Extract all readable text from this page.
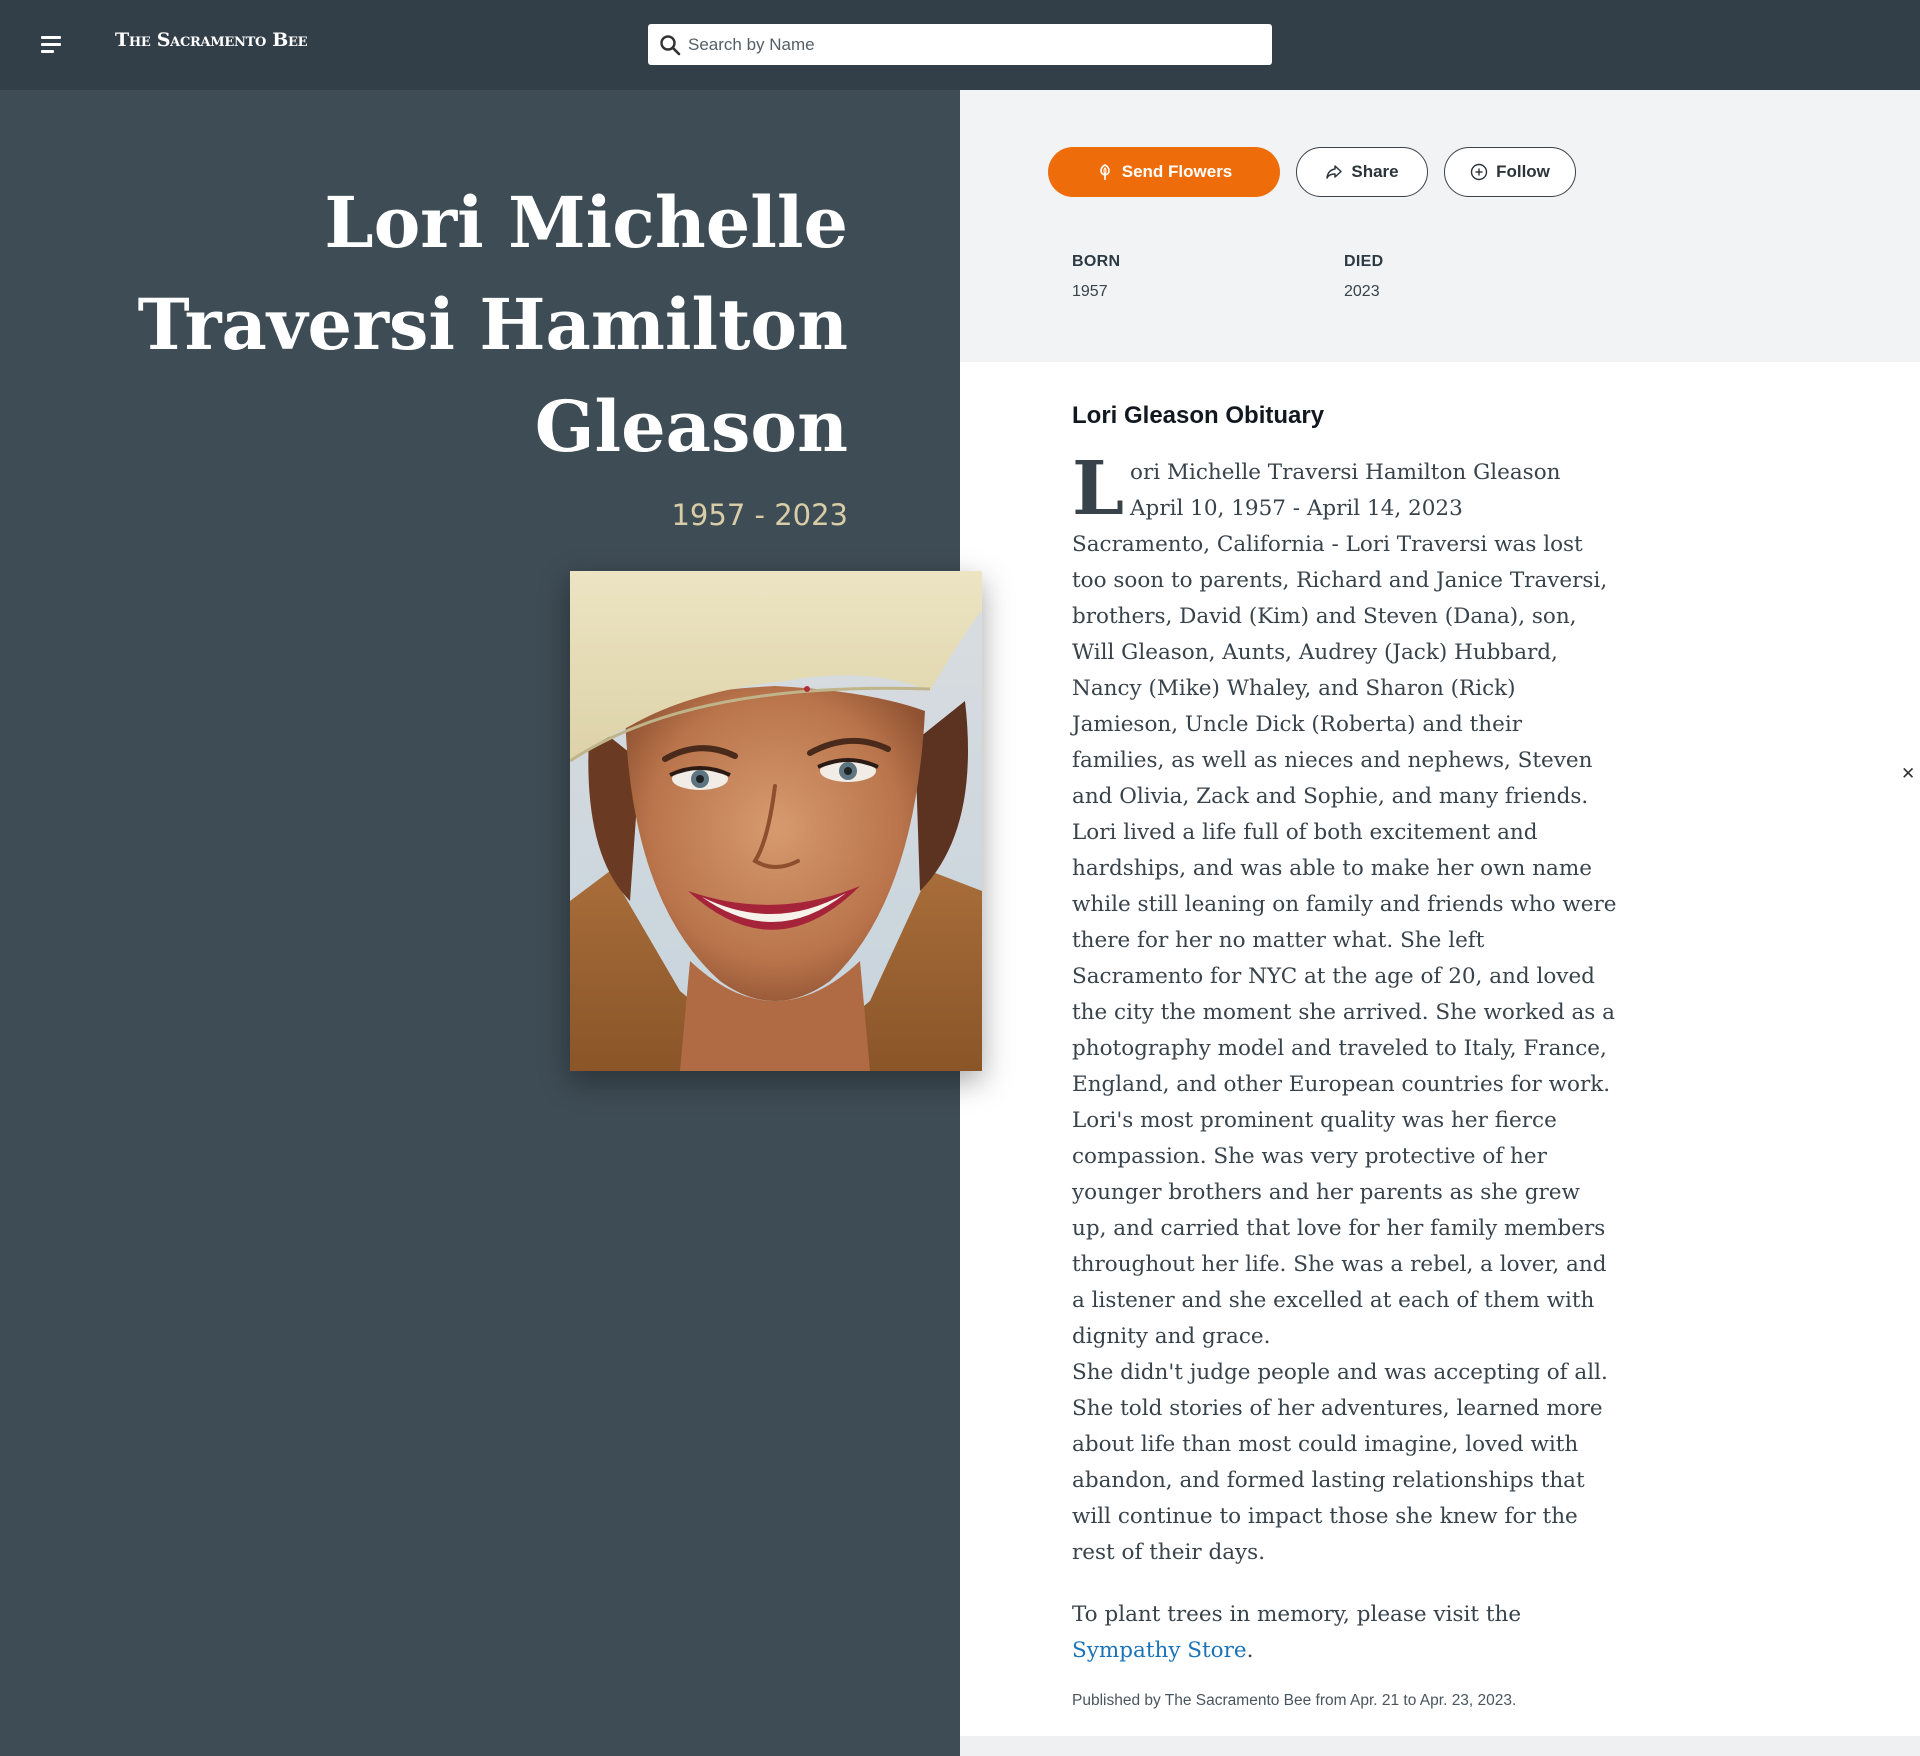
The Sacramento Bee
Search by Name
Lori Michelle
Traversi Hamilton
Gleason
1957 - 2023
Send Flowers	Share	Follow
BORN
1957
DIED
2023
Lori Gleason Obituary
L ori Michelle Traversi Hamilton Gleason

April 10, 1957 - April 14, 2023

Sacramento, California - Lori Traversi was lost too soon to parents, Richard and Janice Traversi, brothers, David (Kim) and Steven (Dana), son, Will Gleason, Aunts, Audrey (Jack) Hubbard, Nancy (Mike) Whaley, and Sharon (Rick) Jamieson, Uncle Dick (Roberta) and their families, as well as nieces and nephews, Steven and Olivia, Zack and Sophie, and many friends.

Lori lived a life full of both excitement and hardships, and was able to make her own name while still leaning on family and friends who were there for her no matter what. She left Sacramento for NYC at the age of 20, and loved the city the moment she arrived. She worked as a photography model and traveled to Italy, France, England, and other European countries for work.

Lori's most prominent quality was her fierce compassion. She was very protective of her younger brothers and her parents as she grew up, and carried that love for her family members throughout her life. She was a rebel, a lover, and a listener and she excelled at each of them with dignity and grace.

She didn't judge people and was accepting of all. She told stories of her adventures, learned more about life than most could imagine, loved with abandon, and formed lasting relationships that will continue to impact those she knew for the rest of their days.

To plant trees in memory, please visit the Sympathy Store.
Published by The Sacramento Bee from Apr. 21 to Apr. 23, 2023.
✕
